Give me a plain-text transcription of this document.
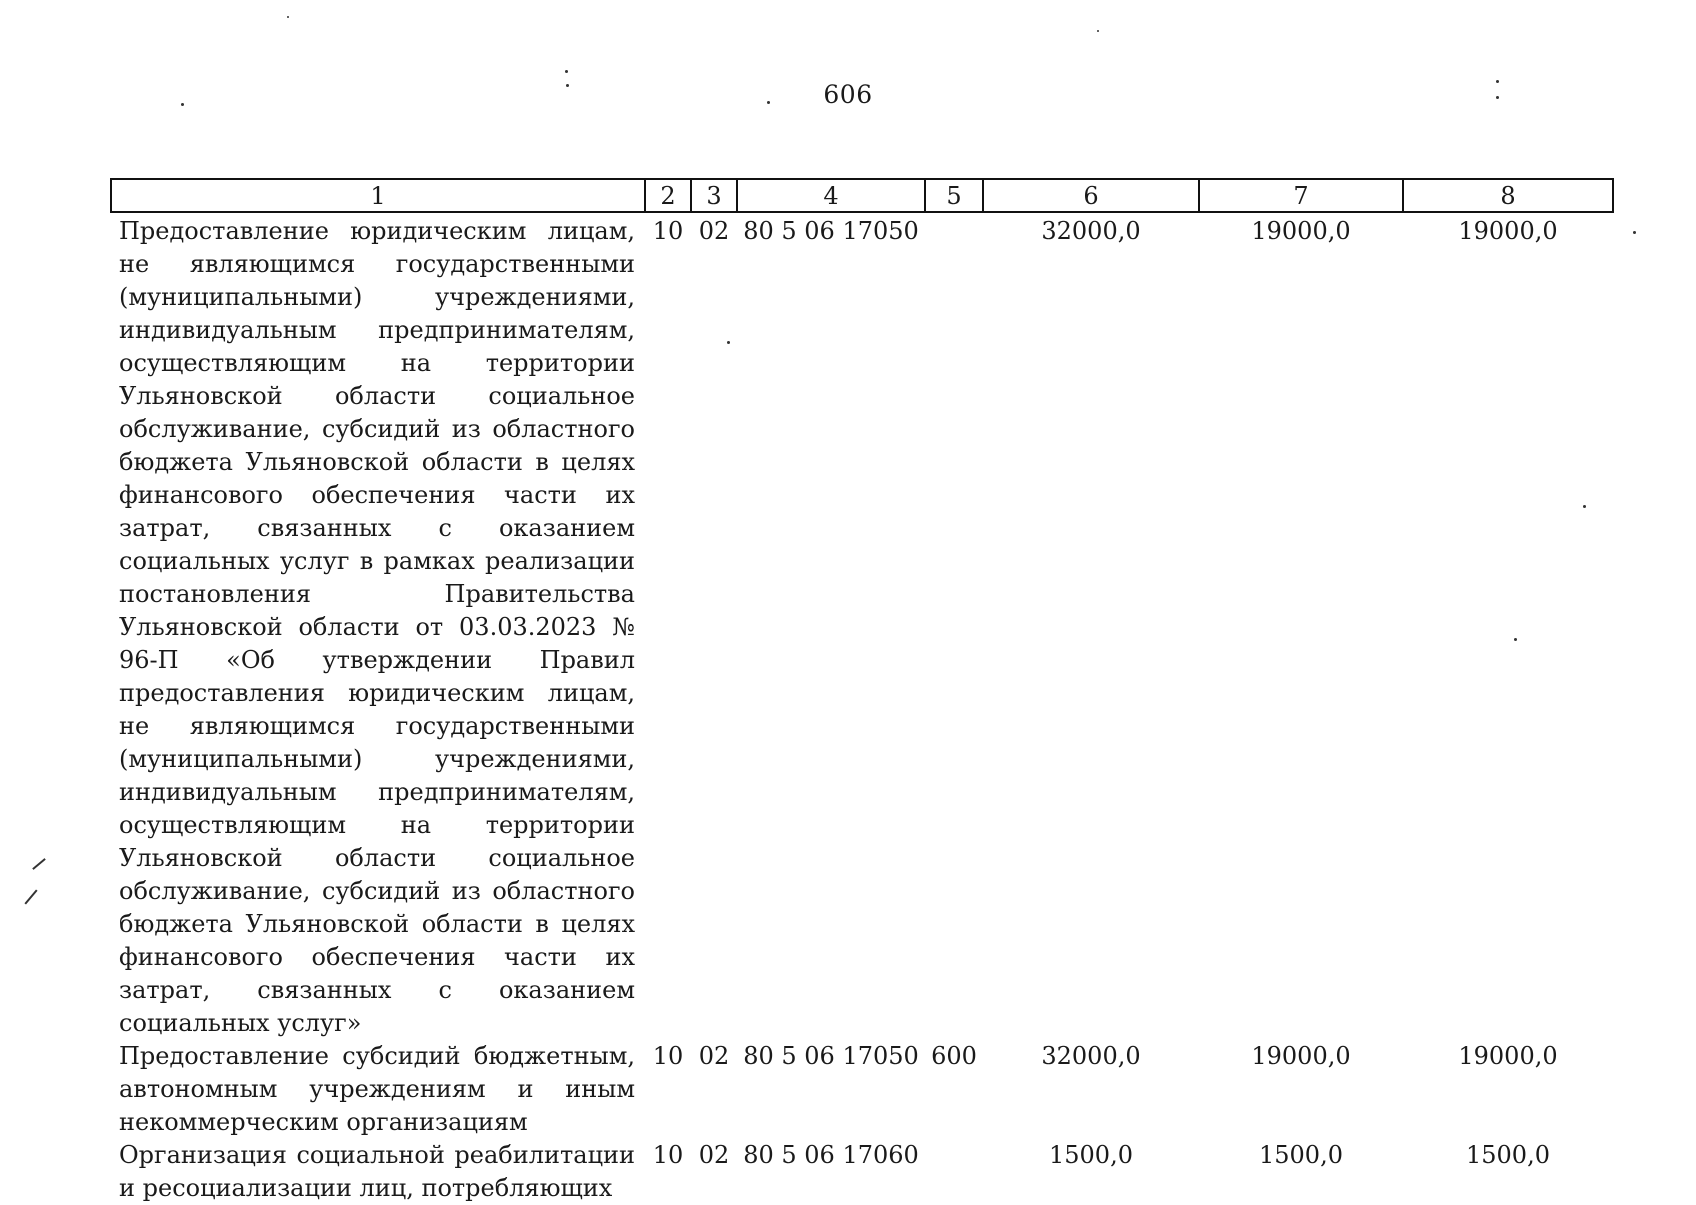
606
1	2	3	4	5	6	7	8
Предоставление юридическим лицам, не являющимся государственными (муниципальными) учреждениями, индивидуальным предпринимателям, осуществляющим на территории Ульяновской области социальное обслуживание, субсидий из областного бюджета Ульяновской области в целях финансового обеспечения части их затрат, связанных с оказанием социальных услуг в рамках реализации постановления Правительства Ульяновской области от 03.03.2023 № 96-П «Об утверждении Правил предоставления юридическим лицам, не являющимся государственными (муниципальными) учреждениями, индивидуальным предпринимателям, осуществляющим на территории Ульяновской области социальное обслуживание, субсидий из областного бюджета Ульяновской области в целях финансового обеспечения части их затрат, связанных с оказанием социальных услуг»	10	02	80 5 06 17050		32000,0	19000,0	19000,0
Предоставление субсидий бюджетным, автономным учреждениям и иным некоммерческим организациям	10	02	80 5 06 17050	600	32000,0	19000,0	19000,0
Организация социальной реабилитации и ресоциализации лиц, потребляющих	10	02	80 5 06 17060		1500,0	1500,0	1500,0
